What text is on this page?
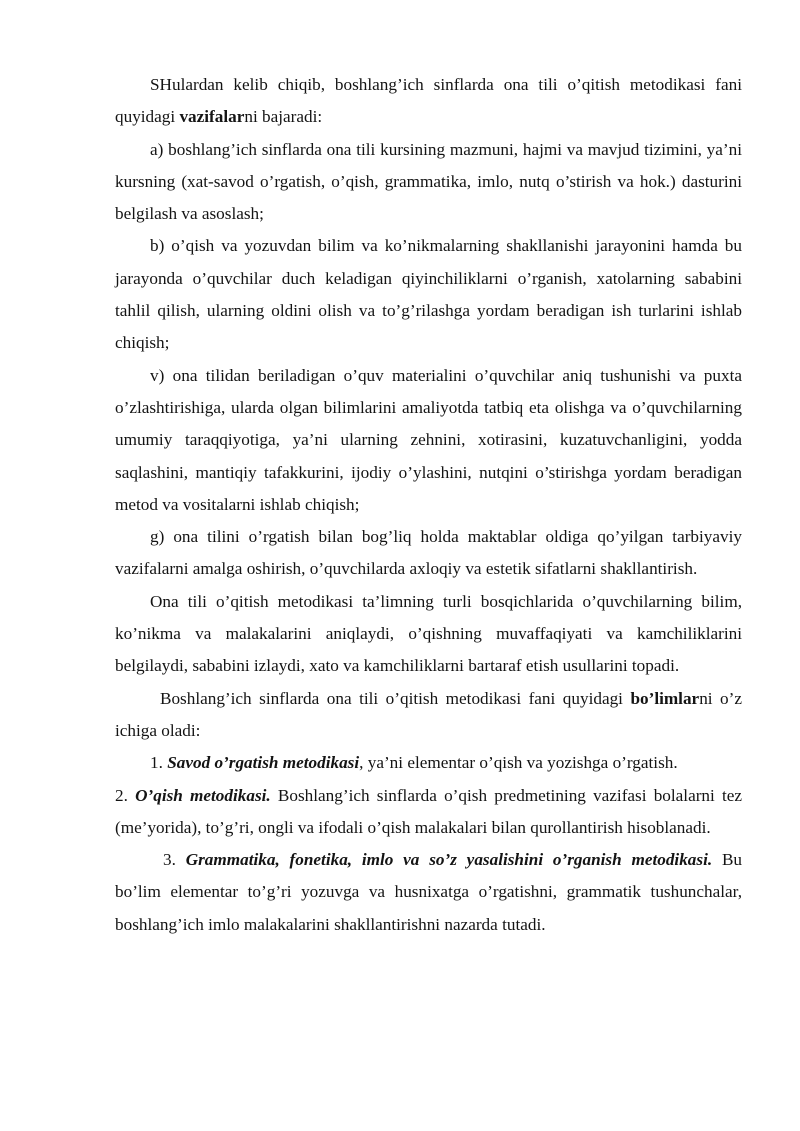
SHulardan kelib chiqib, boshlang’ich sinflarda ona tili o’qitish metodikasi fani quyidagi vazifalarni bajaradi:

a) boshlang’ich sinflarda ona tili kursining mazmuni, hajmi va mavjud tizimini, ya’ni kursning (xat-savod o’rgatish, o’qish, grammatika, imlo, nutq o’stirish va hok.) dasturini belgilash va asoslash;

b) o’qish va yozuvdan bilim va ko’nikmalarning shakllanishi jarayonini hamda bu jarayonda o’quvchilar duch keladigan qiyinchiliklarni o’rganish, xatolarning sababini tahlil qilish, ularning oldini olish va to’g’rilashga yordam beradigan ish turlarini ishlab chiqish;

v) ona tilidan beriladigan o’quv materialini o’quvchilar aniq tushunishi va puxta o’zlashtirishiga, ularda olgan bilimlarini amaliyotda tatbiq eta olishga va o’quvchilarning umumiy taraqqiyotiga, ya’ni ularning zehnini, xotirasini, kuzatuvchanligini, yodda saqlashini, mantiqiy tafakkurini, ijodiy o’ylashini, nutqini o’stirishga yordam beradigan metod va vositalarni ishlab chiqish;

g) ona tilini o’rgatish bilan bog’liq holda maktablar oldiga qo’yilgan tarbiyaviy vazifalarni amalga oshirish, o’quvchilarda axloqiy va estetik sifatlarni shakllantirish.

Ona tili o’qitish metodikasi ta’limning turli bosqichlarida o’quvchilarning bilim, ko’nikma va malakalarini aniqlaydi, o’qishning muvaffaqiyati va kamchiliklarini belgilaydi, sababini izlaydi, xato va kamchiliklarni bartaraf etish usullarini topadi.

Boshlang’ich sinflarda ona tili o’qitish metodikasi fani quyidagi bo’limlarni o’z ichiga oladi:

1. Savod o’rgatish metodikasi, ya’ni elementar o’qish va yozishga o’rgatish.

2. O’qish metodikasi. Boshlang’ich sinflarda o’qish predmetining vazifasi bolalarni tez (me’yorida), to’g’ri, ongli va ifodali o’qish malakalari bilan qurollantirish hisoblanadi.

3. Grammatika, fonetika, imlo va so’z yasalishini o’rganish metodikasi. Bu bo’lim elementar to’g’ri yozuvga va husnixatga o’rgatishni, grammatik tushunchalar, boshlang’ich imlo malakalarini shakllantirishni nazarda tutadi.
